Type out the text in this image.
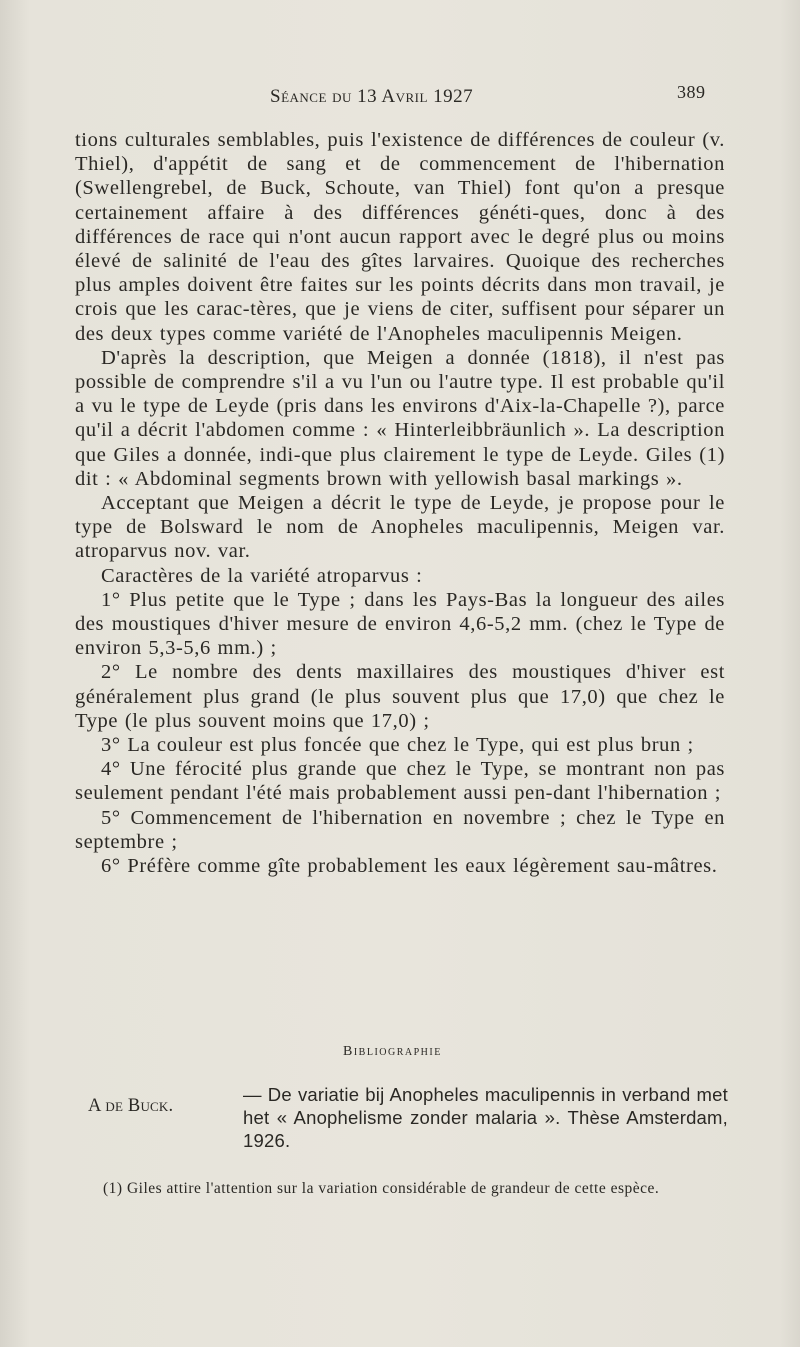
Séance du 13 Avril 1927	389

tions culturales semblables, puis l'existence de différences de couleur (v. Thiel), d'appétit de sang et de commencement de l'hibernation (Swellengrebel, de Buck, Schoute, van Thiel) font qu'on a presque certainement affaire à des différences généti-ques, donc à des différences de race qui n'ont aucun rapport avec le degré plus ou moins élevé de salinité de l'eau des gîtes larvaires. Quoique des recherches plus amples doivent être faites sur les points décrits dans mon travail, je crois que les carac-tères, que je viens de citer, suffisent pour séparer un des deux types comme variété de l'Anopheles maculipennis Meigen.

D'après la description, que Meigen a donnée (1818), il n'est pas possible de comprendre s'il a vu l'un ou l'autre type. Il est probable qu'il a vu le type de Leyde (pris dans les environs d'Aix-la-Chapelle ?), parce qu'il a décrit l'abdomen comme : « Hinterleibbräunlich ». La description que Giles a donnée, indi-que plus clairement le type de Leyde. Giles (1) dit : « Abdominal segments brown with yellowish basal markings ».

Acceptant que Meigen a décrit le type de Leyde, je propose pour le type de Bolsward le nom de Anopheles maculipennis, Meigen var. atroparvus nov. var.

Caractères de la variété atroparvus :

1° Plus petite que le Type ; dans les Pays-Bas la longueur des ailes des moustiques d'hiver mesure de environ 4,6-5,2 mm. (chez le Type de environ 5,3-5,6 mm.) ;

2° Le nombre des dents maxillaires des moustiques d'hiver est généralement plus grand (le plus souvent plus que 17,0) que chez le Type (le plus souvent moins que 17,0) ;

3° La couleur est plus foncée que chez le Type, qui est plus brun ;

4° Une férocité plus grande que chez le Type, se montrant non pas seulement pendant l'été mais probablement aussi pen-dant l'hibernation ;

5° Commencement de l'hibernation en novembre ; chez le Type en septembre ;

6° Préfère comme gîte probablement les eaux légèrement sau-mâtres.

Bibliographie
A de Buck.
— De variatie bij Anopheles maculipennis in verband met het « Anophelisme zonder malaria ». Thèse Amsterdam, 1926.
(1) Giles attire l'attention sur la variation considérable de grandeur de cette espèce.
